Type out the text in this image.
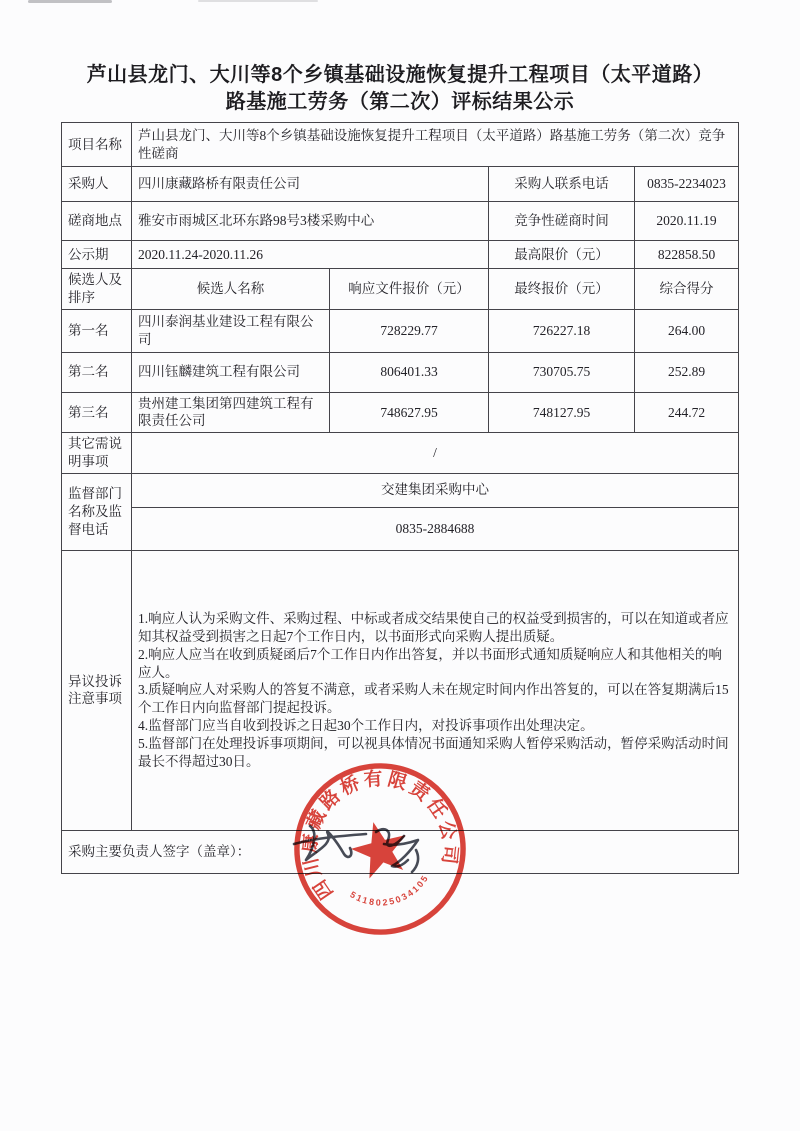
芦山县龙门、大川等8个乡镇基础设施恢复提升工程项目（太平道路）
路基施工劳务（第二次）评标结果公示
项目名称	芦山县龙门、大川等8个乡镇基础设施恢复提升工程项目（太平道路）路基施工劳务（第二次）竞争性磋商			
采购人	四川康藏路桥有限责任公司		采购人联系电话	0835-2234023
磋商地点	雅安市雨城区北环东路98号3楼采购中心		竞争性磋商时间	2020.11.19
公示期	2020.11.24-2020.11.26		最高限价（元）	822858.50
候选人及排序	候选人名称	响应文件报价（元）	最终报价（元）	综合得分
第一名	四川泰润基业建设工程有限公司	728229.77	726227.18	264.00
第二名	四川钰麟建筑工程有限公司	806401.33	730705.75	252.89
第三名	贵州建工集团第四建筑工程有限责任公司	748627.95	748127.95	244.72
其它需说明事项	/			
监督部门名称及监督电话	交建集团采购中心			
	0835-2884688			
异议投诉注意事项	1.响应人认为采购文件、采购过程、中标或者成交结果使自己的权益受到损害的，可以在知道或者应知其权益受到损害之日起7个工作日内，以书面形式向采购人提出质疑。
2.响应人应当在收到质疑函后7个工作日内作出答复，并以书面形式通知质疑响应人和其他相关的响应人。
3.质疑响应人对采购人的答复不满意，或者采购人未在规定时间内作出答复的，可以在答复期满后15个工作日内向监督部门提起投诉。
4.监督部门应当自收到投诉之日起30个工作日内，对投诉事项作出处理决定。
5.监督部门在处理投诉事项期间，可以视具体情况书面通知采购人暂停采购活动，暂停采购活动时间最长不得超过30日。			

采购主要负责人签字（盖章）：				
四川康藏路桥有限责任公司
5118025034105
